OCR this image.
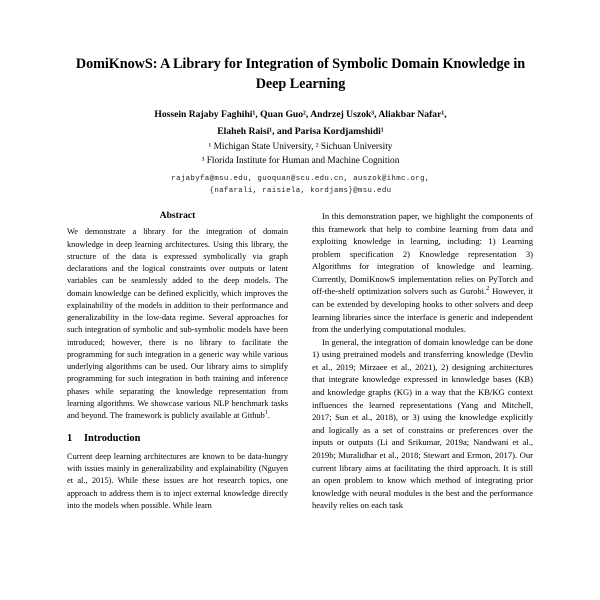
DomiKnowS: A Library for Integration of Symbolic Domain Knowledge in Deep Learning
Hossein Rajaby Faghihi¹, Quan Guo², Andrzej Uszok³, Aliakbar Nafar¹,
Elaheh Raisi¹, and Parisa Kordjamshidi¹
¹ Michigan State University, ² Sichuan University
³ Florida Institute for Human and Machine Cognition
rajabyfa@msu.edu, guoquan@scu.edu.cn, auszok@ihmc.org,
{nafarali, raisiela, kordjams}@msu.edu
Abstract

We demonstrate a library for the integration of domain knowledge in deep learning architectures. Using this library, the structure of the data is expressed symbolically via graph declarations and the logical constraints over outputs or latent variables can be seamlessly added to the deep models. The domain knowledge can be defined explicitly, which improves the explainability of the models in addition to their performance and generalizability in the low-data regime. Several approaches for such integration of symbolic and sub-symbolic models have been introduced; however, there is no library to facilitate the programming for such integration in a generic way while various underlying algorithms can be used. Our library aims to simplify programming for such integration in both training and inference phases while separating the knowledge representation from learning algorithms. We showcase various NLP benchmark tasks and beyond. The framework is publicly available at Github$^1$.

1	Introduction

Current deep learning architectures are known to be data-hungry with issues mainly in generalizability and explainability (Nguyen et al., 2015). While these issues are hot research topics, one approach to address them is to inject external knowledge directly into the models when possible. While learn

In this demonstration paper, we highlight the components of this framework that help to combine learning from data and exploiting knowledge in learning, including: 1) Learning problem specification 2) Knowledge representation 3) Algorithms for integration of knowledge and learning. Currently, DomiKnowS implementation relies on PyTorch and off-the-shelf optimization solvers such as Gurobi.$^2$ However, it can be extended by developing hooks to other solvers and deep learning libraries since the interface is generic and independent from the underlying computational modules.

In general, the integration of domain knowledge can be done 1) using pretrained models and transferring knowledge (Devlin et al., 2019; Mirzaee et al., 2021), 2) designing architectures that integrate knowledge expressed in knowledge bases (KB) and knowledge graphs (KG) in a way that the KB/KG context influences the learned representations (Yang and Mitchell, 2017; Sun et al., 2018), or 3) using the knowledge explicitly and logically as a set of constrains or preferences over the inputs or outputs (Li and Srikumar, 2019a; Nandwani et al., 2019b; Muralidhar et al., 2018; Stewart and Ermon, 2017). Our current library aims at facilitating the third approach. It is still an open problem to know which method of integrating prior knowledge with neural modules is the best and the performance heavily relies on each task
